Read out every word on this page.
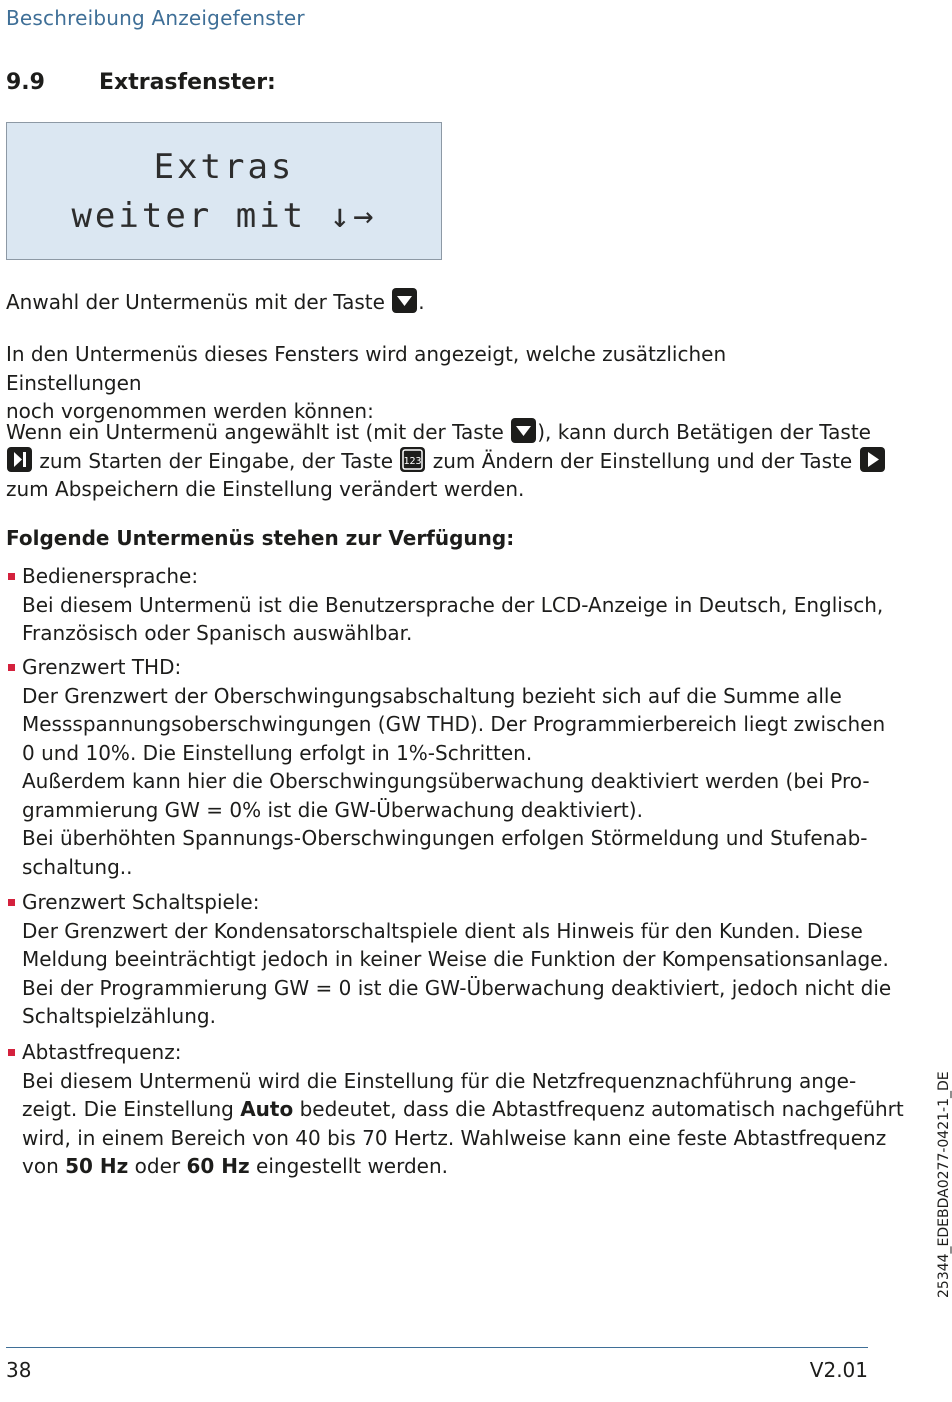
Beschreibung Anzeigefenster
9.9 Extrasfenster:
Extras
weiter mit ↓→
Anwahl der Untermenüs mit der Taste .
In den Untermenüs dieses Fensters wird angezeigt, welche zusätzlichen Einstellungen
noch vorgenommen werden können:
Wenn ein Untermenü angewählt ist (mit der Taste ), kann durch Betätigen der Taste
zum Starten der Eingabe, der Taste 123 zum Ändern der Einstellung und der Taste
zum Abspeichern die Einstellung verändert werden.
Folgende Untermenüs stehen zur Verfügung:
Bedienersprache:
Bei diesem Untermenü ist die Benutzersprache der LCD-Anzeige in Deutsch, Englisch,
Französisch oder Spanisch auswählbar.
Grenzwert THD:
Der Grenzwert der Oberschwingungsabschaltung bezieht sich auf die Summe alle
Messspannungsoberschwingungen (GW THD). Der Programmierbereich liegt zwischen
0 und 10%. Die Einstellung erfolgt in 1%-Schritten.
Außerdem kann hier die Oberschwingungsüberwachung deaktiviert werden (bei Pro-
grammierung GW = 0% ist die GW-Überwachung deaktiviert).
Bei überhöhten Spannungs-Oberschwingungen erfolgen Störmeldung und Stufenab-
schaltung..
Grenzwert Schaltspiele:
Der Grenzwert der Kondensatorschaltspiele dient als Hinweis für den Kunden. Diese
Meldung beeinträchtigt jedoch in keiner Weise die Funktion der Kompensationsanlage.
Bei der Programmierung GW = 0 ist die GW-Überwachung deaktiviert, jedoch nicht die
Schaltspielzählung.
Abtastfrequenz:
Bei diesem Untermenü wird die Einstellung für die Netzfrequenznachführung ange-
zeigt. Die Einstellung Auto bedeutet, dass die Abtastfrequenz automatisch nachgeführt
wird, in einem Bereich von 40 bis 70 Hertz. Wahlweise kann eine feste Abtastfrequenz
von 50 Hz oder 60 Hz eingestellt werden.	25344_EDEBDA0277-0421-1_DE
38	V2.01
